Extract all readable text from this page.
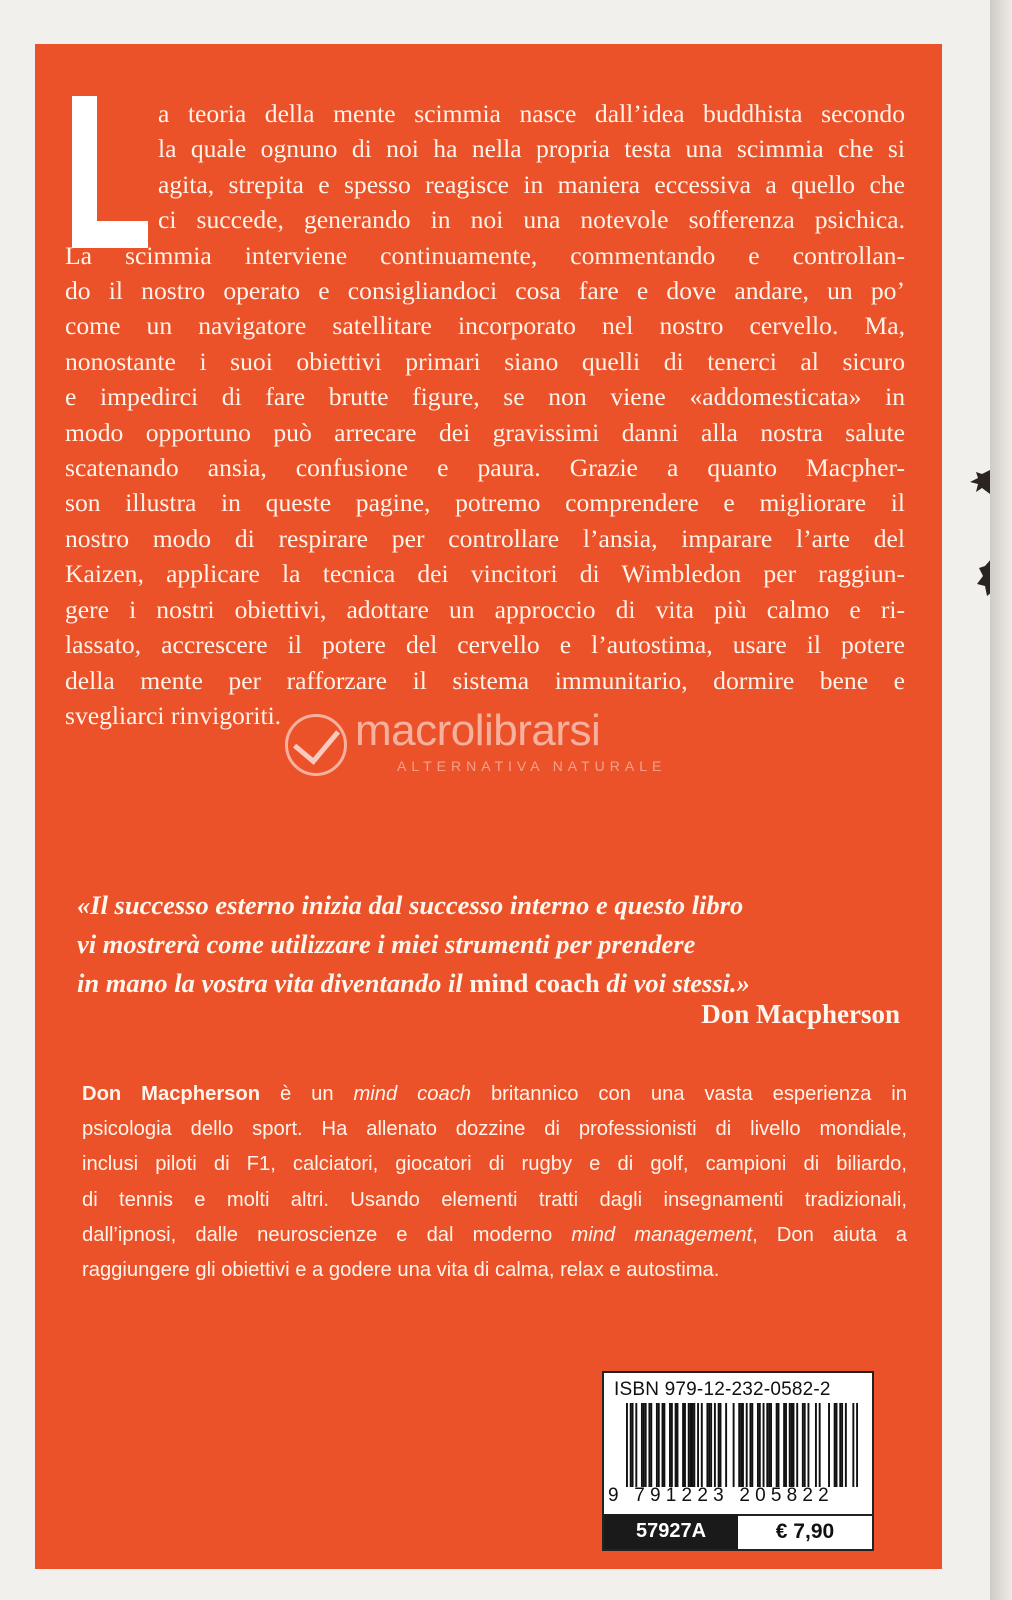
a teoria della mente scimmia nasce dall’idea buddhista secondo
la quale ognuno di noi ha nella propria testa una scimmia che si
agita, strepita e spesso reagisce in maniera eccessiva a quello che
ci succede, generando in noi una notevole sofferenza psichica.
La scimmia interviene continuamente, commentando e controllan-
do il nostro operato e consigliandoci cosa fare e dove andare, un po’
come un navigatore satellitare incorporato nel nostro cervello. Ma,
nonostante i suoi obiettivi primari siano quelli di tenerci al sicuro
e impedirci di fare brutte figure, se non viene «addomesticata» in
modo opportuno può arrecare dei gravissimi danni alla nostra salute
scatenando ansia, confusione e paura. Grazie a quanto Macpher-
son illustra in queste pagine, potremo comprendere e migliorare il
nostro modo di respirare per controllare l’ansia, imparare l’arte del
Kaizen, applicare la tecnica dei vincitori di Wimbledon per raggiun-
gere i nostri obiettivi, adottare un approccio di vita più calmo e ri-
lassato, accrescere il potere del cervello e l’autostima, usare il potere
della mente per rafforzare il sistema immunitario, dormire bene e
svegliarci rinvigoriti.
«Il successo esterno inizia dal successo interno e questo libro
vi mostrerà come utilizzare i miei strumenti per prendere
in mano la vostra vita diventando il mind coach di voi stessi.»
Don Macpherson
Don Macpherson è un mind coach britannico con una vasta esperienza in
psicologia dello sport. Ha allenato dozzine di professionisti di livello mondiale,
inclusi piloti di F1, calciatori, giocatori di rugby e di golf, campioni di biliardo,
di tennis e molti altri. Usando elementi tratti dagli insegnamenti tradizionali,
dall’ipnosi, dalle neuroscienze e dal moderno mind management, Don aiuta a
raggiungere gli obiettivi e a godere una vita di calma, relax e autostima.
macrolibrarsi
ALTERNATIVA NATURALE
ISBN 979-12-232-0582-2
9 791223 205822
57927A	€ 7,90
